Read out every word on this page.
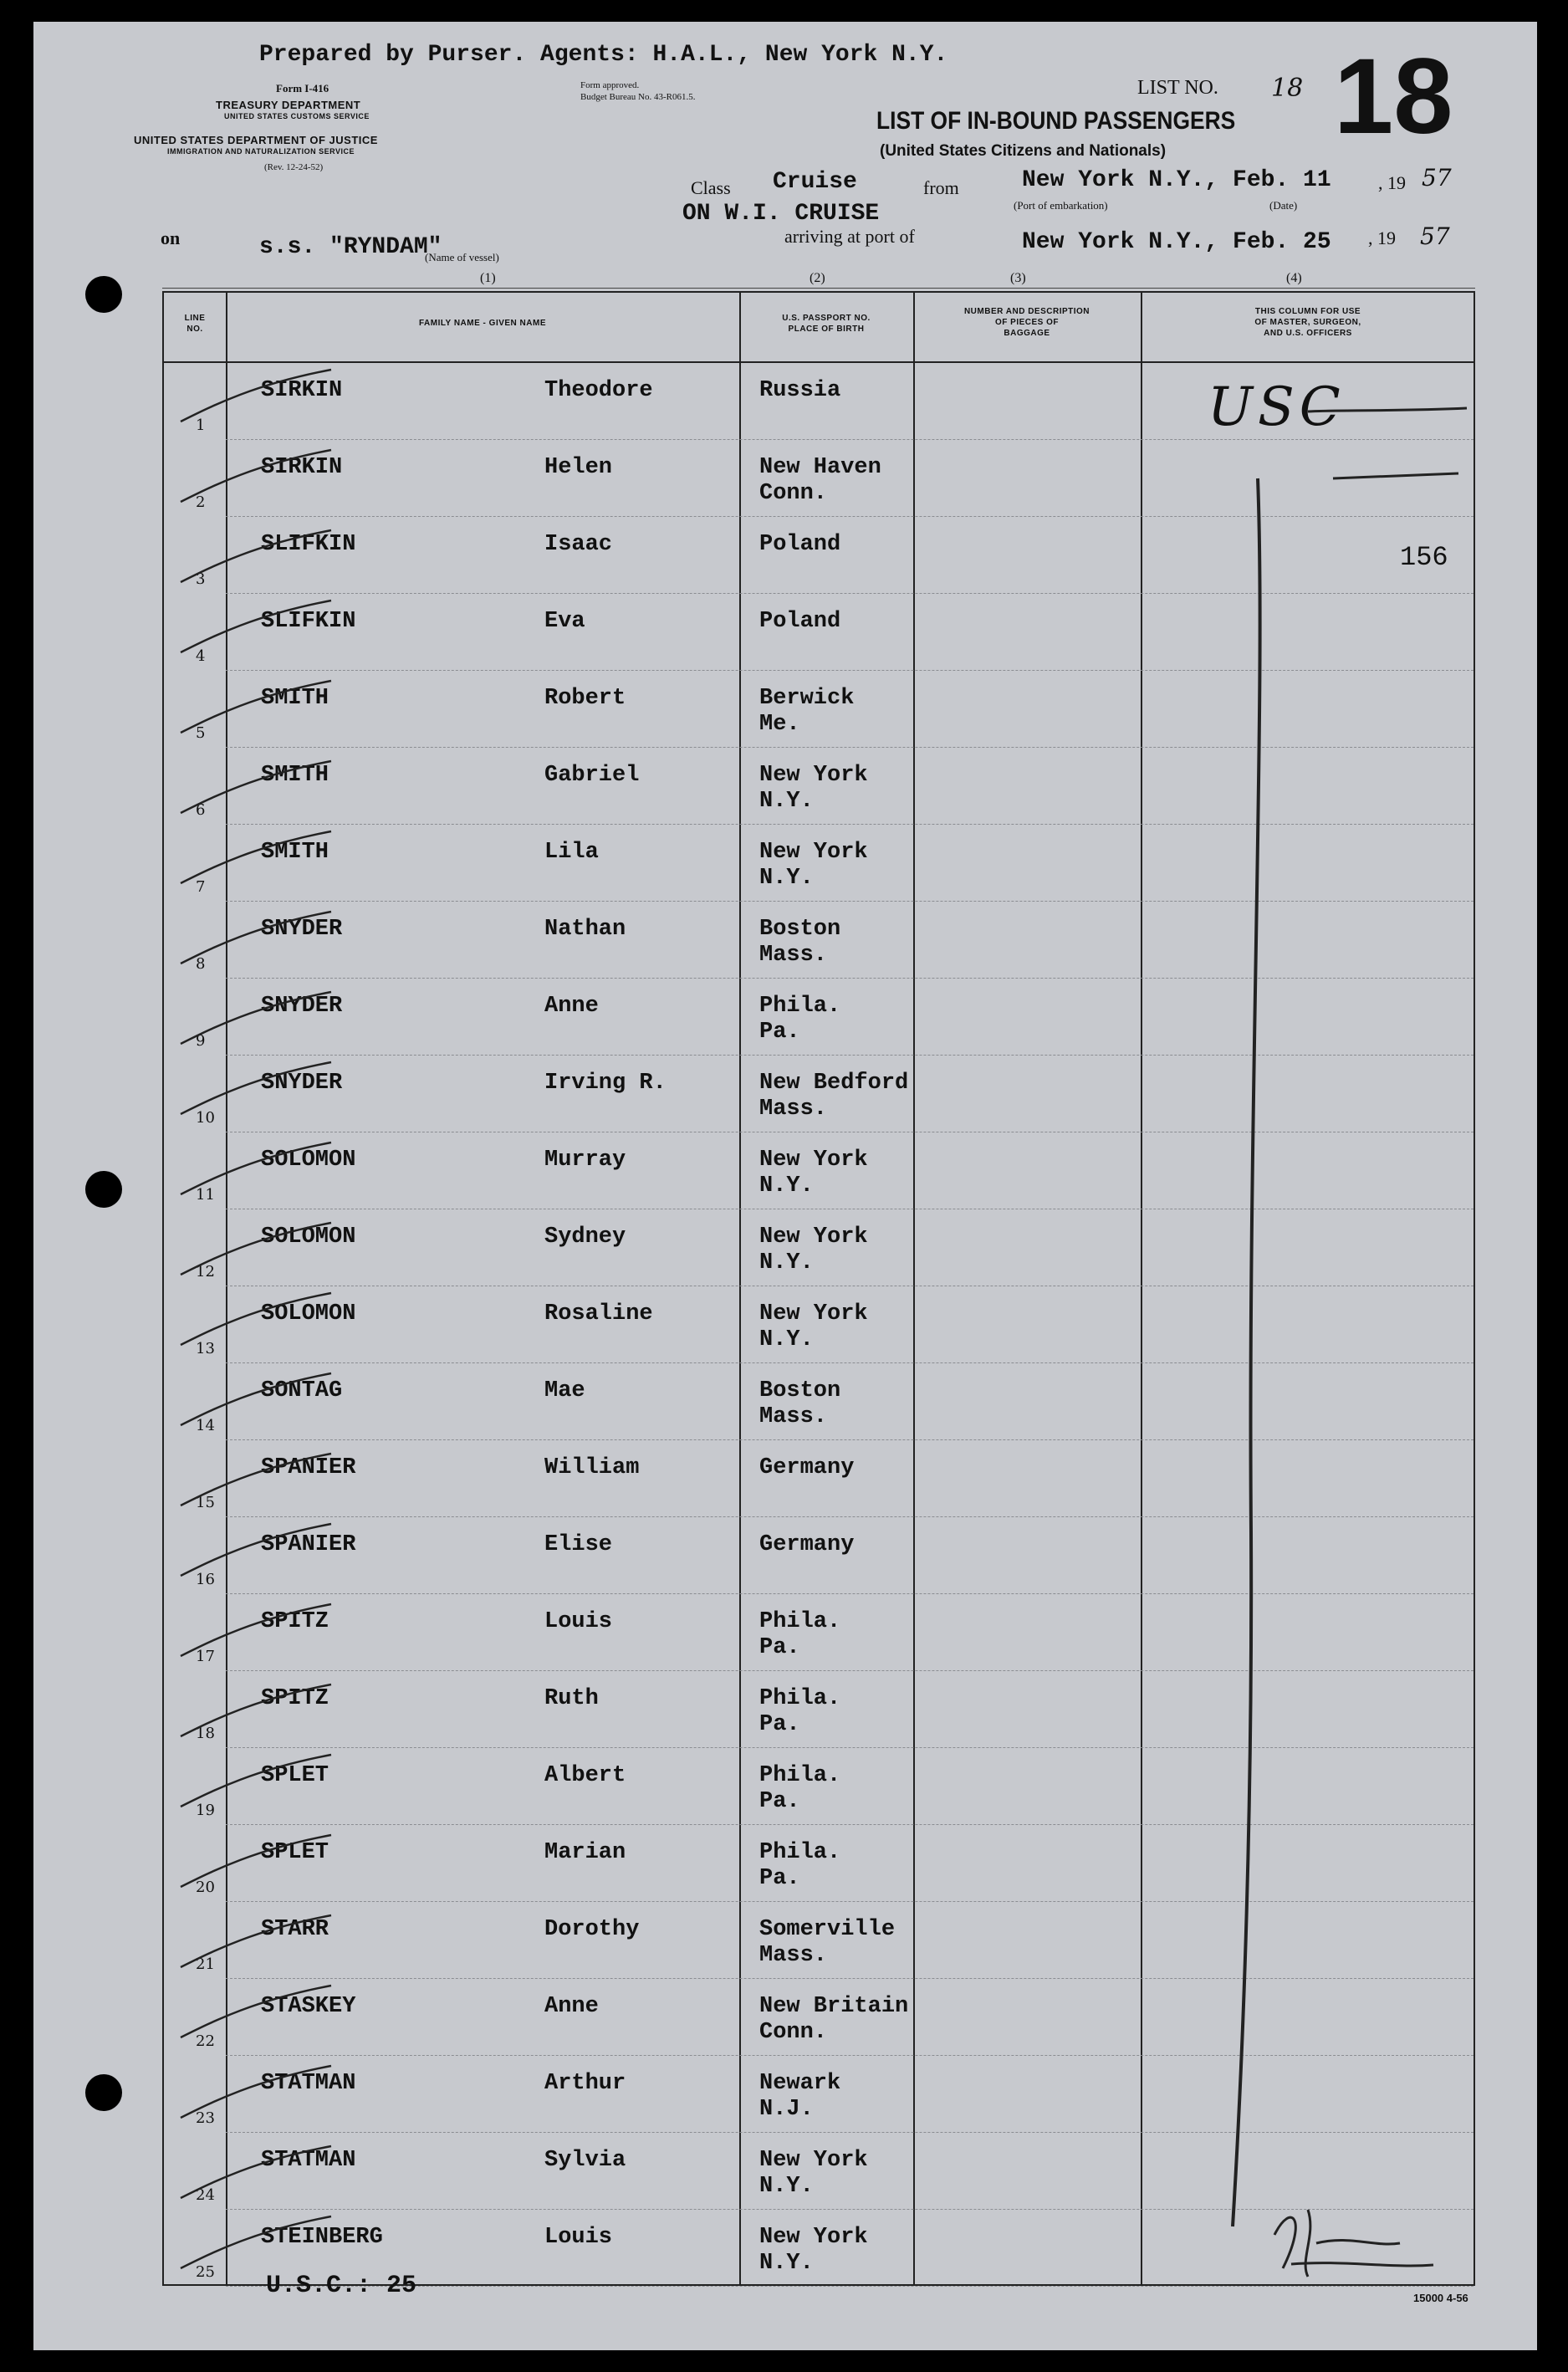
Prepared by Purser. Agents: H.A.L., New York N.Y.
Form I-416
TREASURY DEPARTMENT
UNITED STATES CUSTOMS SERVICE
UNITED STATES DEPARTMENT OF JUSTICE
IMMIGRATION AND NATURALIZATION SERVICE
(Rev. 12-24-52)
Form approved.
Budget Bureau No. 43-R061.5.	LIST NO. 18 18
LIST OF IN-BOUND PASSENGERS
(United States Citizens and Nationals)
Class Cruise	from	New York N.Y., Feb. 11	, 19 57
(Port of embarkation)	(Date)
ON W.I. CRUISE
on	s.s. "RYNDAM"
(Name of vessel)
arriving at port of	New York N.Y., Feb. 25 , 19 57
(1)	(2)	(3)	(4)
LINE
NO.
FAMILY NAME - GIVEN NAME
U.S. PASSPORT NO.
PLACE OF BIRTH
NUMBER AND DESCRIPTION
OF PIECES OF
BAGGAGE
THIS COLUMN FOR USE
OF MASTER, SURGEON,
AND U.S. OFFICERS
1
SIRKIN	Theodore	Russia
2
SIRKIN	Helen	New Haven
Conn.
3
SLIFKIN	Isaac	Poland
4
SLIFKIN	Eva	Poland
5
SMITH	Robert	Berwick
Me.
6
SMITH	Gabriel	New York
N.Y.
7
SMITH	Lila	New York
N.Y.
8
SNYDER	Nathan	Boston
Mass.
9
SNYDER	Anne	Phila.
Pa.
10
SNYDER	Irving R.	New Bedford
Mass.
11
SOLOMON	Murray	New York
N.Y.
12
SOLOMON	Sydney	New York
N.Y.
13
SOLOMON	Rosaline	New York
N.Y.
14
SONTAG	Mae	Boston
Mass.
15
SPANIER	William	Germany
16
SPANIER	Elise	Germany
17
SPITZ	Louis	Phila.
Pa.
18
SPITZ	Ruth	Phila.
Pa.
19
SPLET	Albert	Phila.
Pa.
20
SPLET	Marian	Phila.
Pa.
21
STARR	Dorothy	Somerville
Mass.
22
STASKEY	Anne	New Britain
Conn.
23
STATMAN	Arthur	Newark
N.J.
24
STATMAN	Sylvia	New York
N.Y.
25
STEINBERG	Louis	New York
N.Y.
USC
156
U.S.C.: 25	15000 4-56
